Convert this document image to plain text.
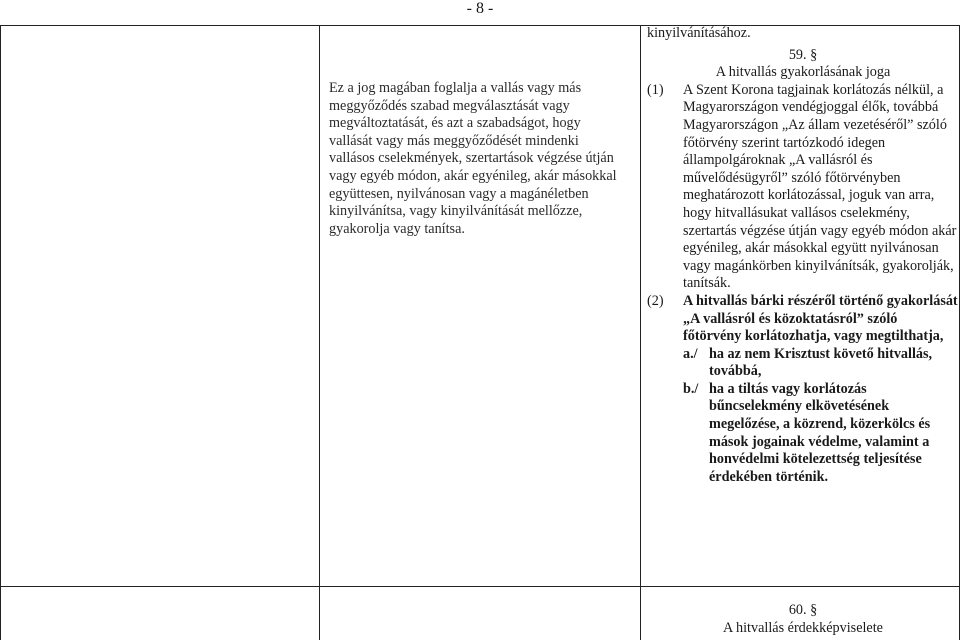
- 8 -
Ez a jog magában foglalja a vallás vagy más meggyőződés szabad megválasztását vagy megváltoztatását, és azt a szabadságot, hogy vallását vagy más meggyőződését mindenki vallásos cselekmények, szertartások végzése útján vagy egyéb módon, akár egyénileg, akár másokkal együttesen, nyilvánosan vagy a magánéletben kinyilvánítsa, vagy kinyilvánítását mellőzze, gyakorolja vagy tanítsa.
kinyilvánításához.
59. §
A hitvallás gyakorlásának joga
(1) A Szent Korona tagjainak korlátozás nélkül, a Magyarországon vendégjoggal élők, továbbá Magyarországon „Az állam vezetéséről” szóló főtörvény szerint tartózkodó idegen állampolgároknak „A vallásról és művelődésügyről” szóló főtörvényben meghatározott korlátozással, joguk van arra, hogy hitvallásukat vallásos cselekmény, szertartás végzése útján vagy egyéb módon akár egyénileg, akár másokkal együtt nyilvánosan vagy magánkörben kinyilvánítsák, gyakorolják, tanítsák.
(2) A hitvallás bárki részéről történő gyakorlását „A vallásról és közoktatásról” szóló főtörvény korlátozhatja, vagy megtilthatja,
a./ ha az nem Krisztust követő hitvallás, továbbá,
b./ ha a tiltás vagy korlátozás bűncselekmény elkövetésének megelőzése, a közrend, közerkölcs és mások jogainak védelme, valamint a honvédelmi kötelezettség teljesítése érdekében történik.
60. §
A hitvallás érdekképviselete
